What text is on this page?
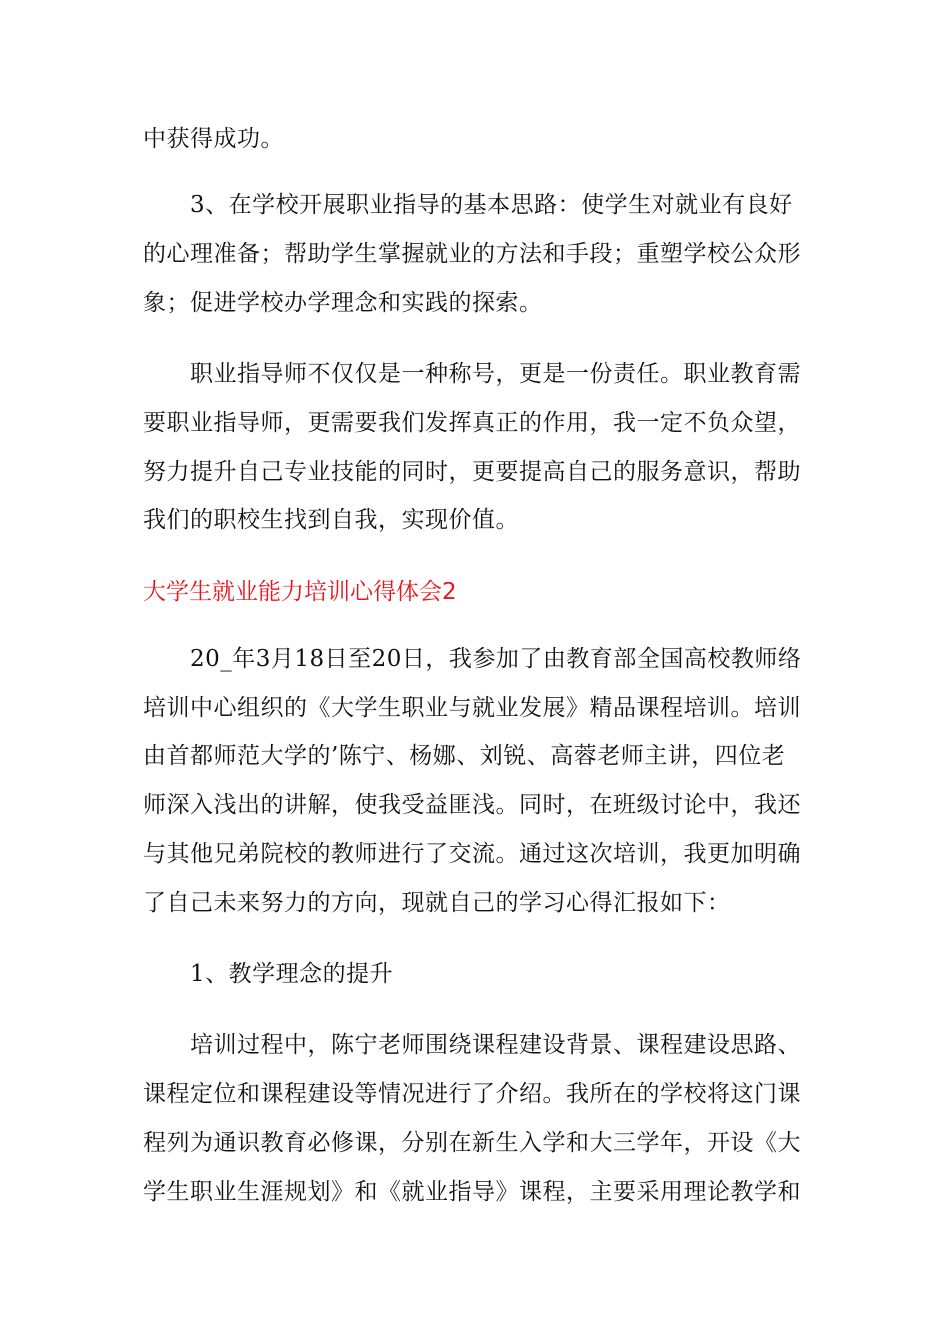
中获得成功。
3、在学校开展职业指导的基本思路：使学生对就业有良好
的心理准备；帮助学生掌握就业的方法和手段；重塑学校公众形
象；促进学校办学理念和实践的探索。
职业指导师不仅仅是一种称号，更是一份责任。职业教育需
要职业指导师，更需要我们发挥真正的作用，我一定不负众望，
努力提升自己专业技能的同时，更要提高自己的服务意识，帮助
我们的职校生找到自我，实现价值。
大学生就业能力培训心得体会2
20_年3月18日至20日，我参加了由教育部全国高校教师络
培训中心组织的《大学生职业与就业发展》精品课程培训。培训
由首都师范大学的’陈宁、杨娜、刘锐、高蓉老师主讲，四位老
师深入浅出的讲解，使我受益匪浅。同时，在班级讨论中，我还
与其他兄弟院校的教师进行了交流。通过这次培训，我更加明确
了自己未来努力的方向，现就自己的学习心得汇报如下：
1、教学理念的提升
培训过程中，陈宁老师围绕课程建设背景、课程建设思路、
课程定位和课程建设等情况进行了介绍。我所在的学校将这门课
程列为通识教育必修课，分别在新生入学和大三学年，开设《大
学生职业生涯规划》和《就业指导》课程，主要采用理论教学和
